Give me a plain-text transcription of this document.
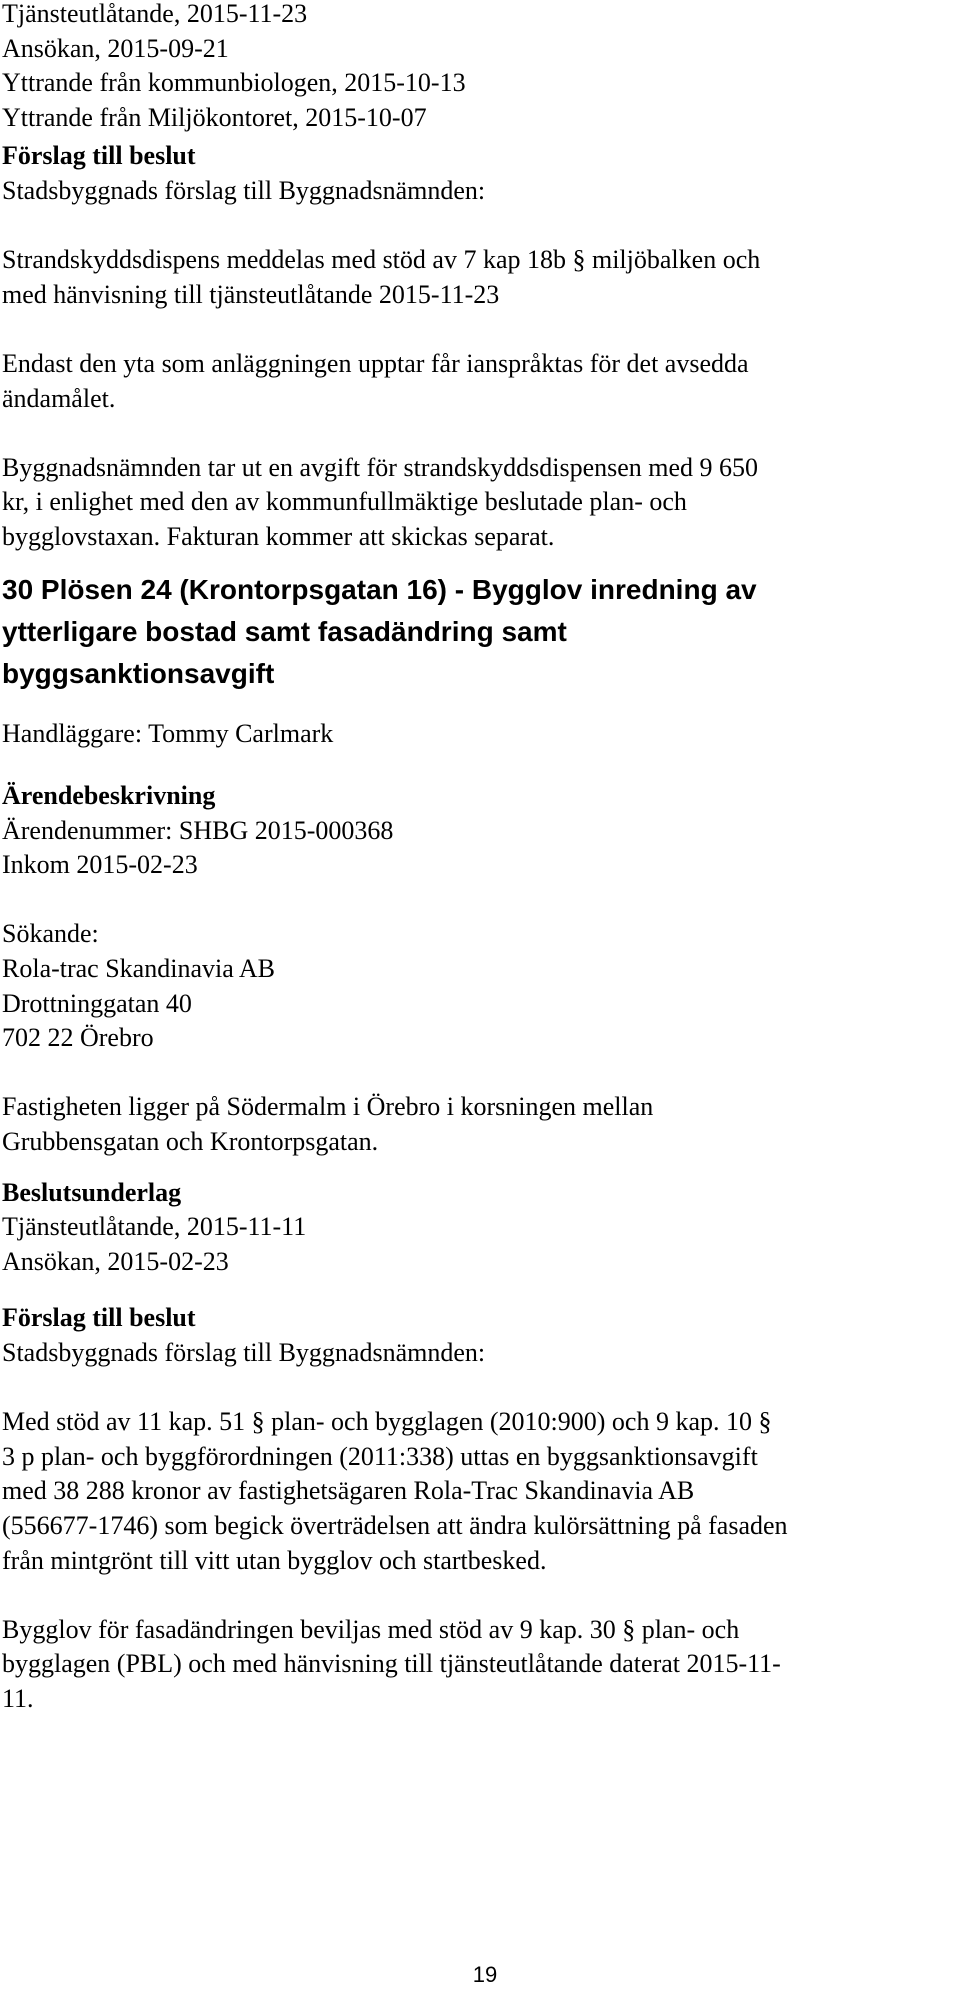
Tjänsteutlåtande, 2015-11-23

Ansökan, 2015-09-21

Yttrande från kommunbiologen, 2015-10-13

Yttrande från Miljökontoret, 2015-10-07

Förslag till beslut

Stadsbyggnads förslag till Byggnadsnämnden:

Strandskyddsdispens meddelas med stöd av 7 kap 18b § miljöbalken och

med hänvisning till tjänsteutlåtande 2015-11-23

Endast den yta som anläggningen upptar får ianspråktas för det avsedda

ändamålet.

Byggnadsnämnden tar ut en avgift för strandskyddsdispensen med 9 650

kr, i enlighet med den av kommunfullmäktige beslutade plan- och

bygglovstaxan. Fakturan kommer att skickas separat.

30 Plösen 24 (Krontorpsgatan 16) - Bygglov inredning av

ytterligare bostad samt fasadändring samt

byggsanktionsavgift

Handläggare: Tommy Carlmark

Ärendebeskrivning

Ärendenummer: SHBG 2015-000368

Inkom 2015-02-23

Sökande:

Rola-trac Skandinavia AB

Drottninggatan 40

702 22 Örebro

Fastigheten ligger på Södermalm i Örebro i korsningen mellan

Grubbensgatan och Krontorpsgatan.

Beslutsunderlag

Tjänsteutlåtande, 2015-11-11

Ansökan, 2015-02-23

Förslag till beslut

Stadsbyggnads förslag till Byggnadsnämnden:

Med stöd av 11 kap. 51 § plan- och bygglagen (2010:900) och 9 kap. 10 §

3 p plan- och byggförordningen (2011:338) uttas en byggsanktionsavgift

med 38 288 kronor av fastighetsägaren Rola-Trac Skandinavia AB

(556677-1746) som begick överträdelsen att ändra kulörsättning på fasaden

från mintgrönt till vitt utan bygglov och startbesked.

Bygglov för fasadändringen beviljas med stöd av 9 kap. 30 § plan- och

bygglagen (PBL) och med hänvisning till tjänsteutlåtande daterat 2015-11-

11.

19
